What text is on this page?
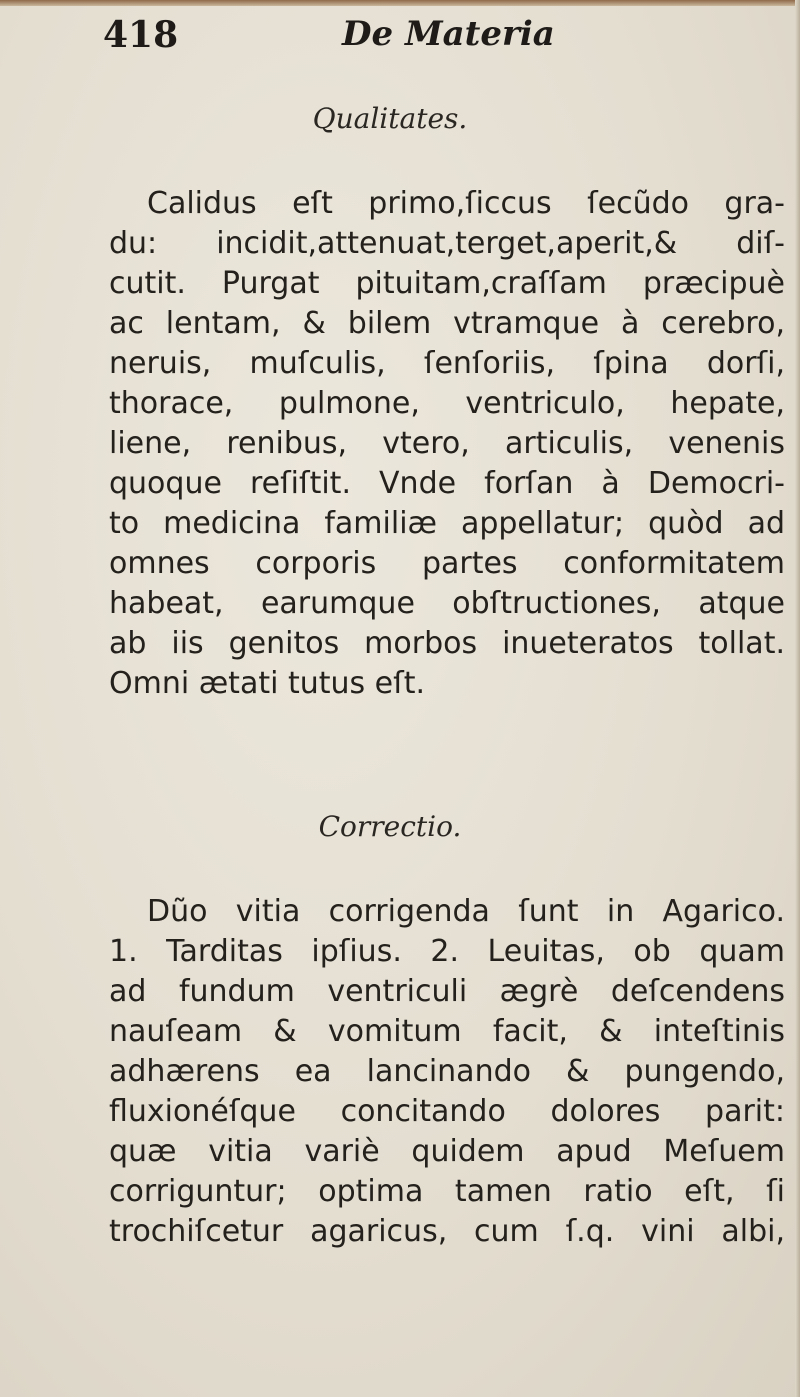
418	De Materia
Qualitates.
Calidus eſt primo,ſiccus ſecũdo gra-
du: incidit,attenuat,terget,aperit,& diſ-
cutit. Purgat pituitam,craſſam præcipuè
ac lentam, & bilem vtramque à cerebro,
neruis, muſculis, ſenſoriis, ſpina dorſi,
thorace, pulmone, ventriculo, hepate,
liene, renibus, vtero, articulis, venenis
quoque reſiſtit. Vnde forſan à Democri-
to medicina familiæ appellatur; quòd ad
omnes corporis partes conformitatem
habeat, earumque obſtructiones, atque
ab iis genitos morbos inueteratos tollat.
Omni ætati tutus eſt.
Correctio.
Dũo vitia corrigenda ſunt in Agarico.
1. Tarditas ipſius. 2. Leuitas, ob quam
ad fundum ventriculi ægrè deſcendens
nauſeam & vomitum facit, & inteſtinis
adhærens ea lancinando & pungendo,
fluxionéſque concitando dolores parit:
quæ vitia variè quidem apud Meſuem
corriguntur; optima tamen ratio eſt, ſi
trochiſcetur agaricus, cum ſ.q. vini albi,
